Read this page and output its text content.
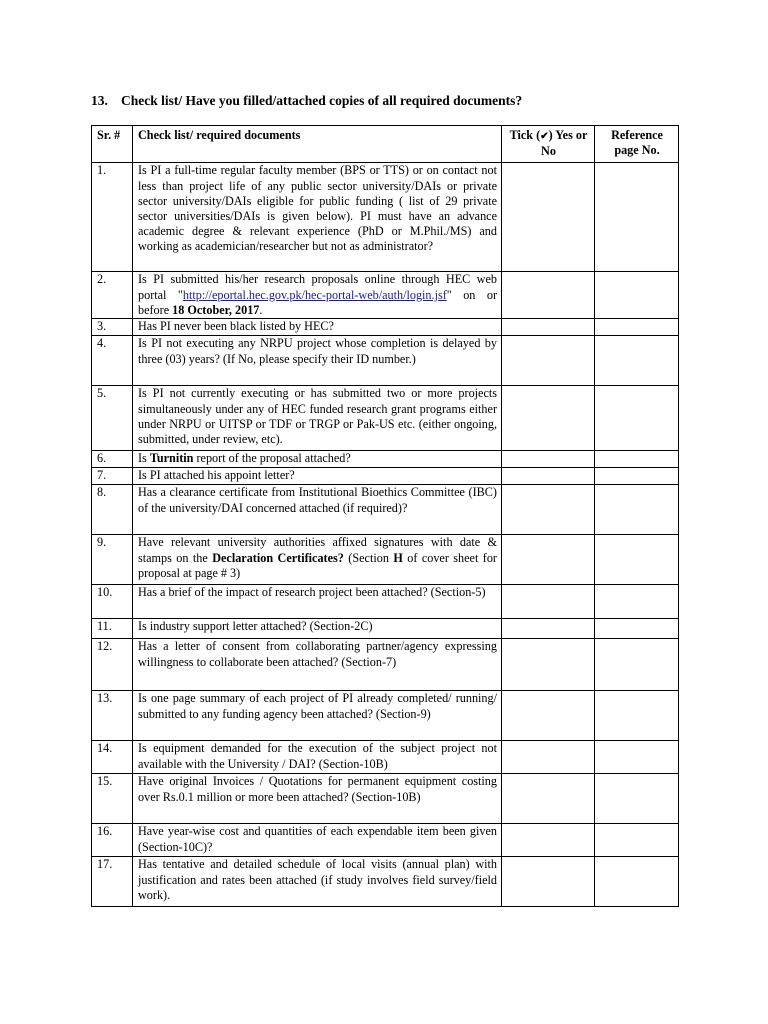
13. Check list/ Have you filled/attached copies of all required documents?
Sr. #	Check list/ required documents	Tick (✔) Yes or No	Reference page No.
1.	Is PI a full-time regular faculty member (BPS or TTS) or on contact not less than project life of any public sector university/DAIs or private sector university/DAIs eligible for public funding ( list of 29 private sector universities/DAIs is given below). PI must have an advance academic degree & relevant experience (PhD or M.Phil./MS) and working as academician/researcher but not as administrator?		

2.	Is PI submitted his/her research proposals online through HEC web portal "http://eportal.hec.gov.pk/hec-portal-web/auth/login.jsf" on or before 18 October, 2017.		
3.	Has PI never been black listed by HEC?		
4.	Is PI not executing any NRPU project whose completion is delayed by three (03) years? (If No, please specify their ID number.)		
5.	Is PI not currently executing or has submitted two or more projects simultaneously under any of HEC funded research grant programs either under NRPU or UITSP or TDF or TRGP or Pak-US etc. (either ongoing, submitted, under review, etc).		
6.	Is Turnitin report of the proposal attached?		
7.	Is PI attached his appoint letter?		
8.	Has a clearance certificate from Institutional Bioethics Committee (IBC) of the university/DAI concerned attached (if required)?		
9.	Have relevant university authorities affixed signatures with date & stamps on the Declaration Certificates? (Section H of cover sheet for proposal at page # 3)		
10.	Has a brief of the impact of research project been attached? (Section-5)		
11.	Is industry support letter attached? (Section-2C)		
12.	Has a letter of consent from collaborating partner/agency expressing willingness to collaborate been attached? (Section-7)		
13.	Is one page summary of each project of PI already completed/ running/ submitted to any funding agency been attached? (Section-9)		
14.	Is equipment demanded for the execution of the subject project not available with the University / DAI? (Section-10B)		
15.	Have original Invoices / Quotations for permanent equipment costing over Rs.0.1 million or more been attached? (Section-10B)		
16.	Have year-wise cost and quantities of each expendable item been given (Section-10C)?		
17.	Has tentative and detailed schedule of local visits (annual plan) with justification and rates been attached (if study involves field survey/field work).		
